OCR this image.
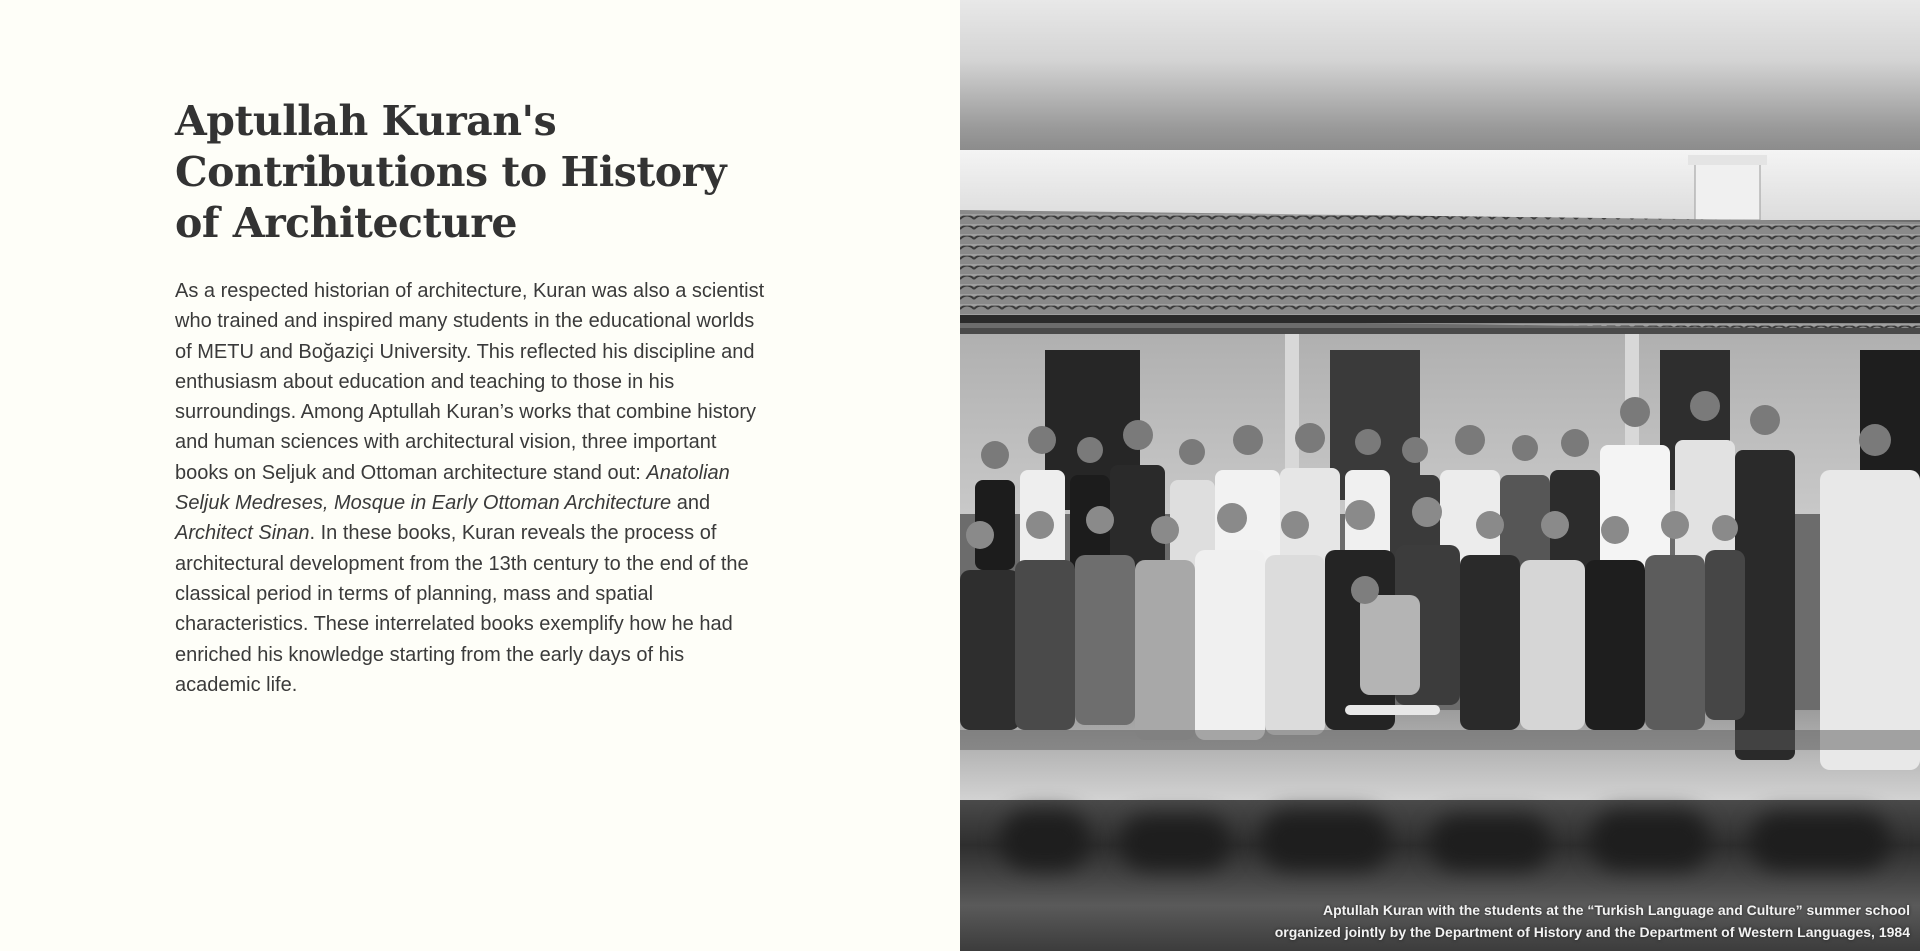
Aptullah Kuran's Contributions to History of Architecture

As a respected historian of architecture, Kuran was also a scientist who trained and inspired many students in the educational worlds of METU and Boğaziçi University. This reflected his discipline and enthusiasm about education and teaching to those in his surroundings. Among Aptullah Kuran’s works that combine history and human sciences with architectural vision, three important books on Seljuk and Ottoman architecture stand out: Anatolian Seljuk Medreses, Mosque in Early Ottoman Architecture and Architect Sinan. In these books, Kuran reveals the process of architectural development from the 13th century to the end of the classical period in terms of planning, mass and spatial characteristics. These interrelated books exemplify how he had enriched his knowledge starting from the early days of his academic life.

Aptullah Kuran with the students at the “Turkish Language and Culture” summer school
organized jointly by the Department of History and the Department of Western Languages, 1984
